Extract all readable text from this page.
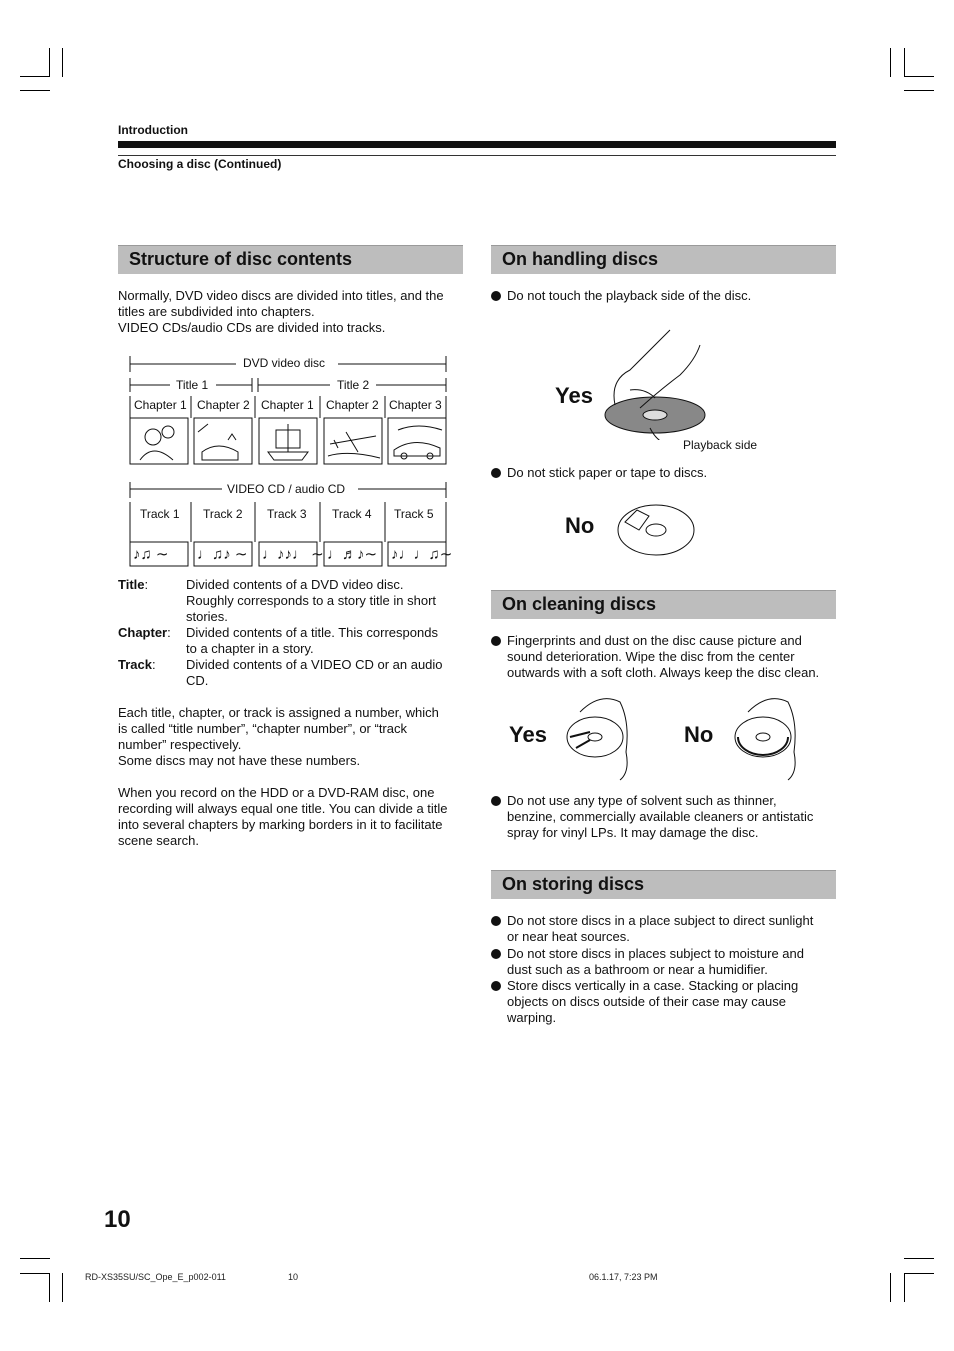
Introduction
Choosing a disc (Continued)
Structure of disc contents
Normally, DVD video discs are divided into titles, and the
titles are subdivided into chapters.
VIDEO CDs/audio CDs are divided into tracks.
DVD video disc
Title 1	Title 2
Chapter 1 Chapter 2 Chapter 1 Chapter 2 Chapter 3
VIDEO CD / audio CD
Track 1 Track 2 Track 3 Track 4 Track 5
♪♫ ∼ ♩♫♪ ∼ ♩♪♪♩ ∼ ♩♬♪∼ ♪♩♩♫∼
Title:	Divided contents of a DVD video disc.
Roughly corresponds to a story title in short
stories.
Chapter: Divided contents of a title. This corresponds
to a chapter in a story.
Track: Divided contents of a VIDEO CD or an audio
CD.
Each title, chapter, or track is assigned a number, which
is called “title number”, “chapter number”, or “track
number” respectively.
Some discs may not have these numbers.
When you record on the HDD or a DVD-RAM disc, one
recording will always equal one title. You can divide a title
into several chapters by marking borders in it to facilitate
scene search.
On handling discs
Do not touch the playback side of the disc.
Yes
Playback side
Do not stick paper or tape to discs.
No
On cleaning discs
Fingerprints and dust on the disc cause picture and
sound deterioration. Wipe the disc from the center
outwards with a soft cloth. Always keep the disc clean.
Yes	No
Do not use any type of solvent such as thinner,
benzine, commercially available cleaners or antistatic
spray for vinyl LPs. It may damage the disc.
On storing discs
Do not store discs in a place subject to direct sunlight
or near heat sources.
Do not store discs in places subject to moisture and
dust such as a bathroom or near a humidifier.
Store discs vertically in a case. Stacking or placing
objects on discs outside of their case may cause
warping.
10
RD-XS35SU/SC_Ope_E_p002-011	10	06.1.17, 7:23 PM
